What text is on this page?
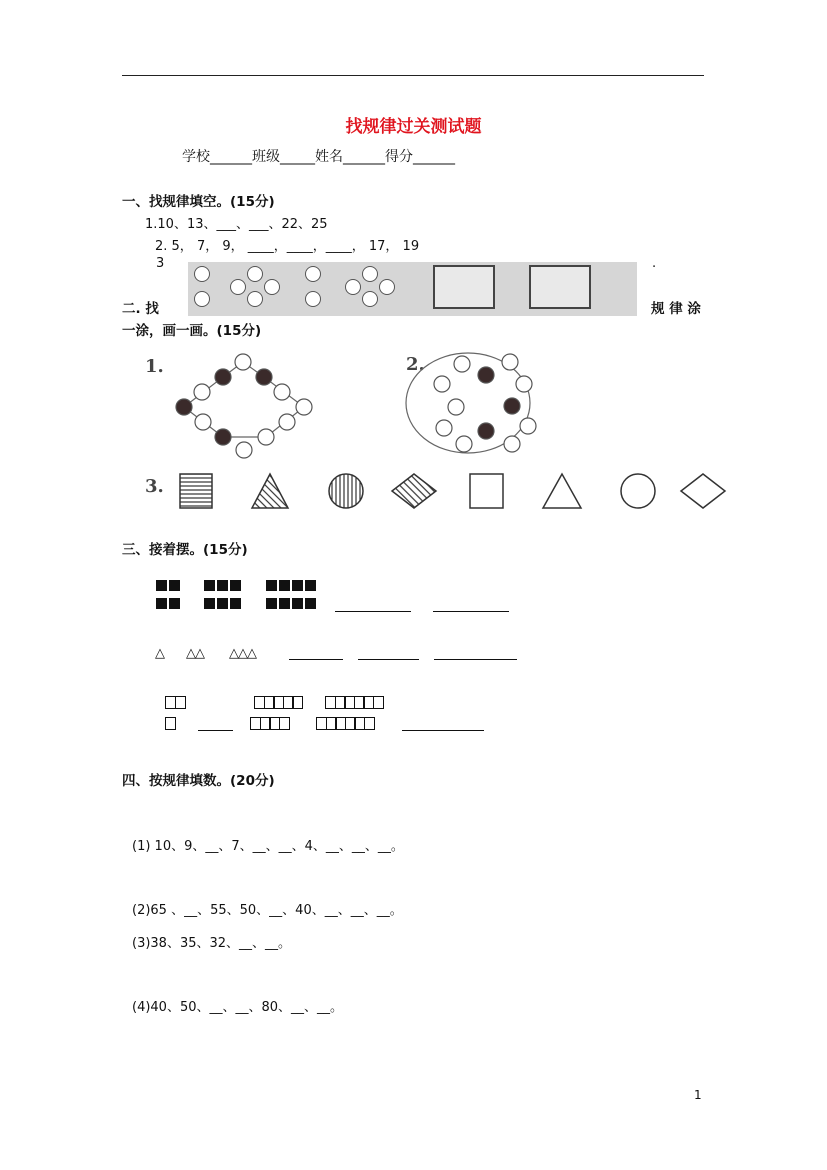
找规律过关测试题
学校______班级_____姓名______得分______
一、找规律填空。(15分)
1.10、13、___、___、22、25
2. 5， 7， 9， ____，____，____， 17， 19
3	.
二. 找	规 律 涂
一涂，画一画。(15分)
1.	2.
3.
三、接着摆。(15分)

△ △△ △△△
四、按规律填数。(20分)
(1) 10、9、__、7、__、__、4、__、__、__。
(2)65 、__、55、50、__、40、__、__、__。
(3)38、35、32、__、__。
(4)40、50、__、__、80、__、__。
1
